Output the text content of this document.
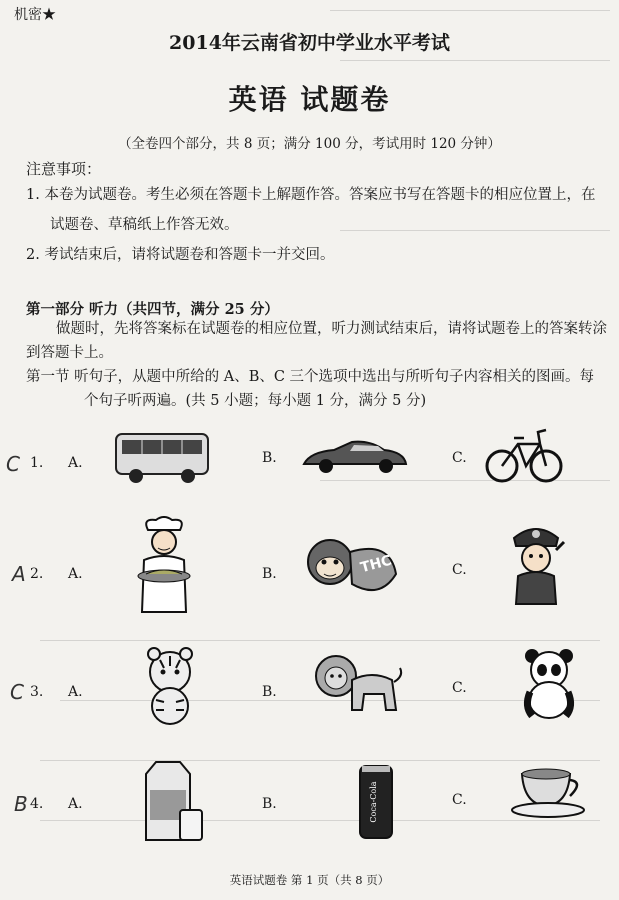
机密★
2014年云南省初中学业水平考试
英语 试题卷
（全卷四个部分，共 8 页；满分 100 分，考试用时 120 分钟）
注意事项：
1. 本卷为试题卷。考生必须在答题卡上解题作答。答案应书写在答题卡的相应位置上，在
试题卷、草稿纸上作答无效。
2. 考试结束后，请将试题卷和答题卡一并交回。
第一部分 听力（共四节，满分 25 分）
做题时，先将答案标在试题卷的相应位置，听力测试结束后，请将试题卷上的答案转涂
到答题卡上。
第一节 听句子，从题中所给的 A、B、C 三个选项中选出与所听句子内容相关的图画。每
个句子听两遍。(共 5 小题；每小题 1 分，满分 5 分)
C 1. A.	B.	C.
A 2. A.	B.	C.
THC
C 3. A.	B.	C.
B 4. A.	B.	C.
Coca-Cola
英语试题卷 第 1 页（共 8 页）
